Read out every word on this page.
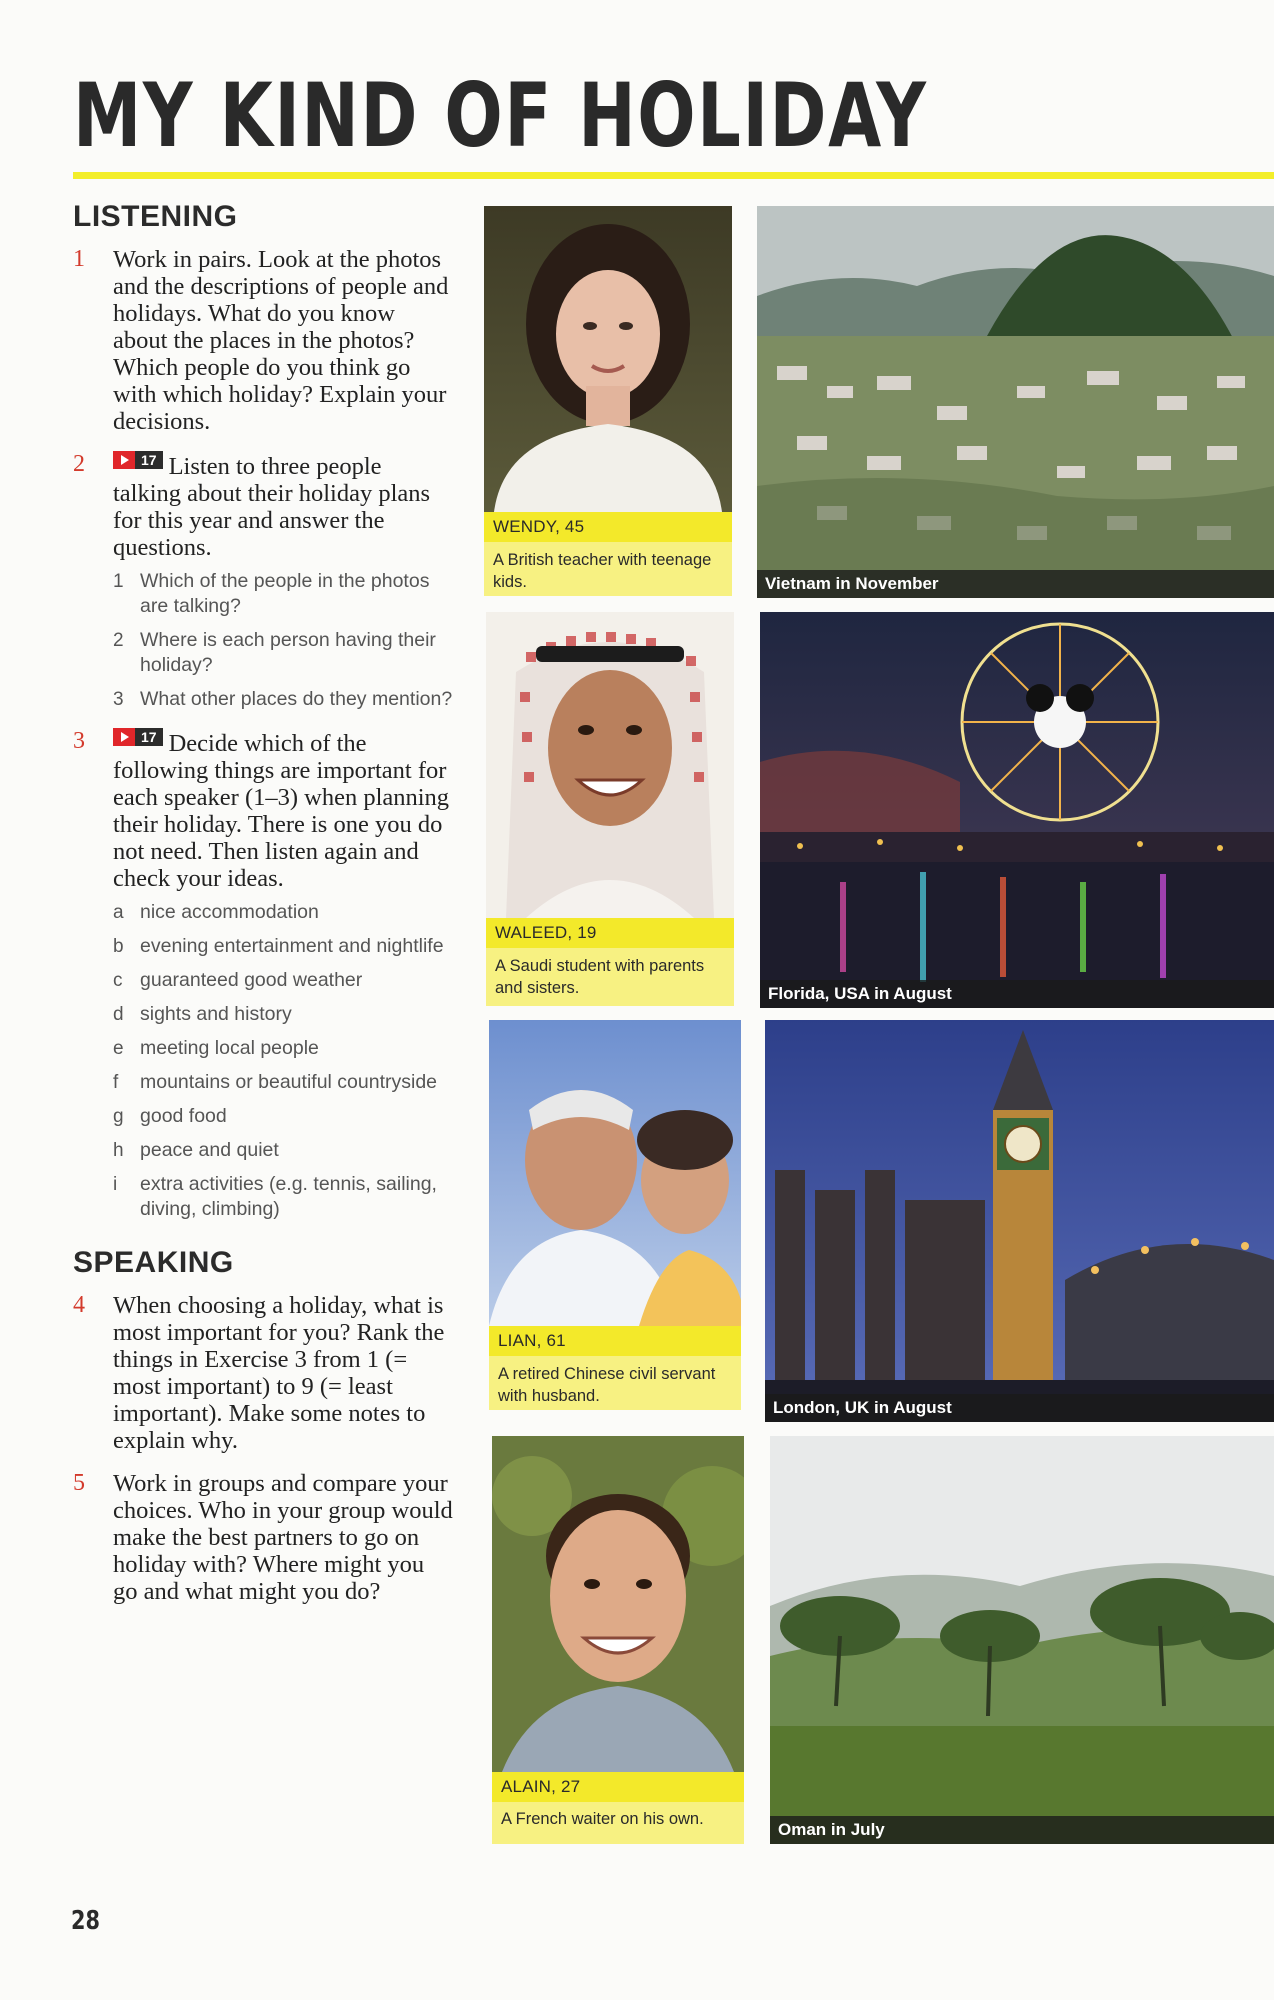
MY KIND OF HOLIDAY
LISTENING
1 Work in pairs. Look at the photos and the descriptions of people and holidays. What do you know about the places in the photos? Which people do you think go with which holiday? Explain your decisions.
2	17 Listen to three people talking about their holiday plans for this year and answer the questions.
1 Which of the people in the photos are talking?
2 Where is each person having their holiday?
3 What other places do they mention?
3	17 Decide which of the following things are important for each speaker (1–3) when planning their holiday. There is one you do not need. Then listen again and check your ideas.
a nice accommodation
b evening entertainment and nightlife
c guaranteed good weather
d sights and history
e meeting local people
f mountains or beautiful countryside
g good food
h peace and quiet
i extra activities (e.g. tennis, sailing, diving, climbing)
SPEAKING
4 When choosing a holiday, what is most important for you? Rank the things in Exercise 3 from 1 (= most important) to 9 (= least important). Make some notes to explain why.
5 Work in groups and compare your choices. Who in your group would make the best partners to go on holiday with? Where might you go and what might you do?
WENDY, 45
A British teacher with teenage kids.	Vietnam in November
WALEED, 19
A Saudi student with parents and sisters.	Florida, USA in August
LIAN, 61
A retired Chinese civil servant with husband.
London, UK in August
ALAIN, 27
A French waiter on his own.
Oman in July
28
